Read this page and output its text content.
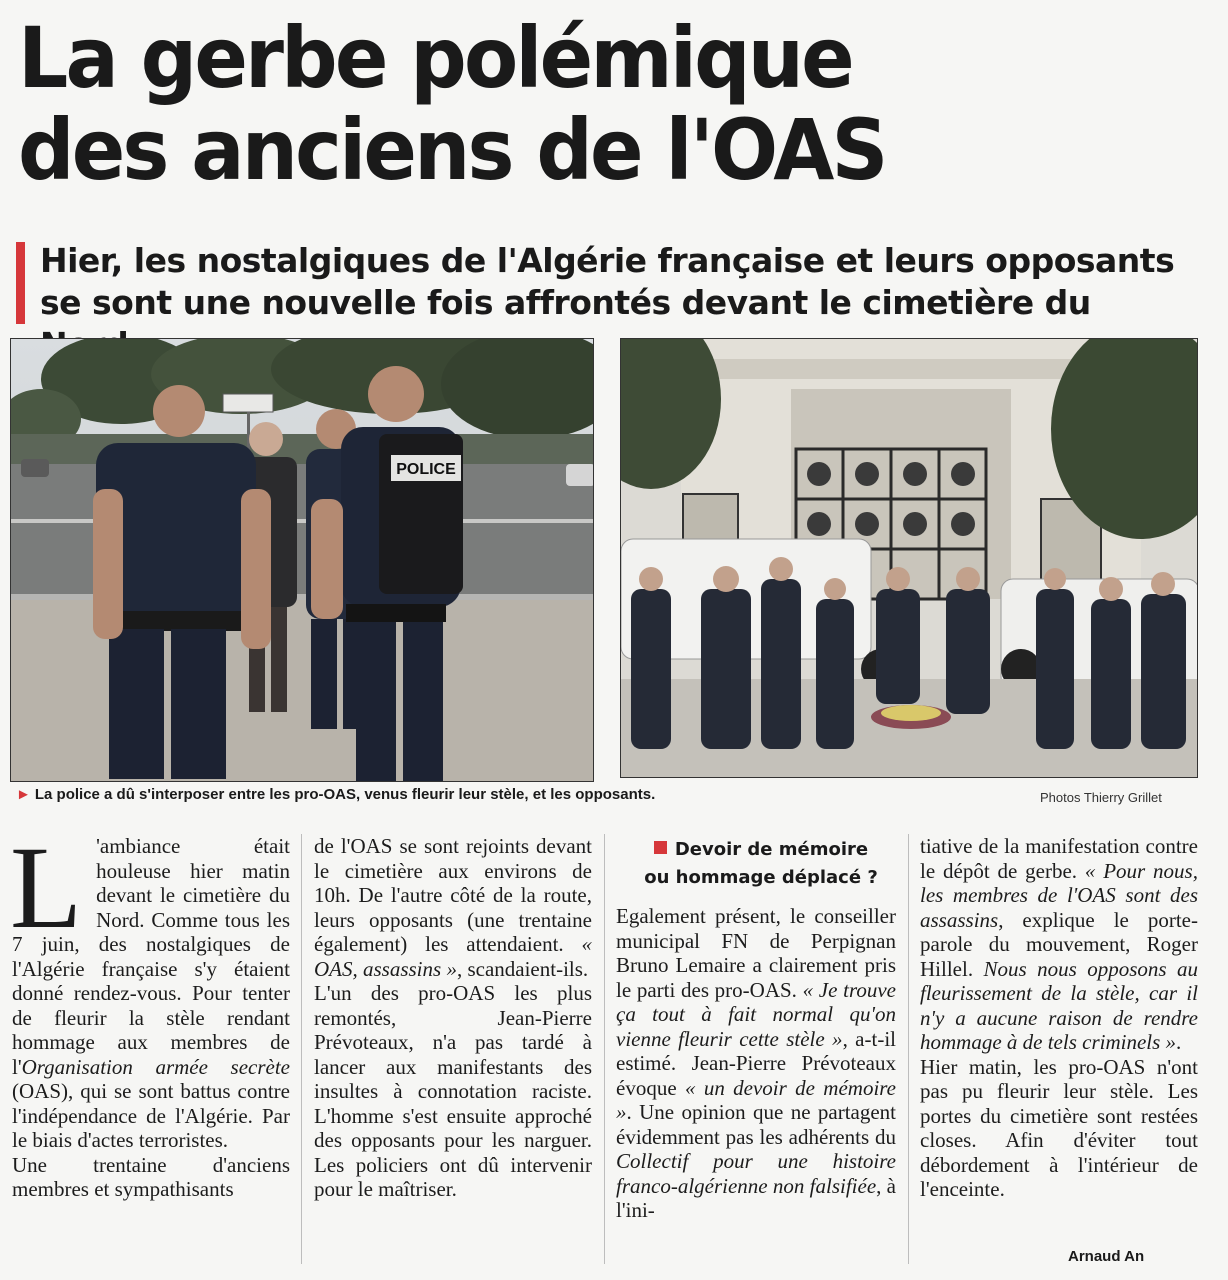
La gerbe polémique
des anciens de l'OAS
Hier, les nostalgiques de l'Algérie française et leurs opposants se sont une nouvelle fois affrontés devant le cimetière du
POLICE
► La police a dû s'interposer entre les pro-OAS, venus fleurir leur stèle, et les opposants.	Photos Thierry Grillet

L 'ambiance était houleuse hier matin devant le cimetière du Nord. Comme tous les 7 juin, des nostalgiques de l'Algérie française s'y étaient donné rendez-vous. Pour tenter de fleurir la stèle rendant hommage aux membres de l'Organisation armée secrète (OAS), qui se sont battus contre l'indépendance de l'Algérie. Par le biais d'actes terroristes.

Une trentaine d'anciens membres et sympathisants

de l'OAS se sont rejoints devant le cimetière aux environs de 10h. De l'autre côté de la route, leurs opposants (une trentaine également) les attendaient. « OAS, assassins », scandaient-ils.

L'un des pro-OAS les plus remontés, Jean-Pierre Prévoteaux, n'a pas tardé à lancer aux manifestants des insultes à connotation raciste. L'homme s'est ensuite approché des opposants pour les narguer. Les policiers ont dû intervenir pour le maîtriser.

Devoir de mémoire
ou hommage déplacé ?

Egalement présent, le conseiller municipal FN de Perpignan Bruno Lemaire a clairement pris le parti des pro-OAS. « Je trouve ça tout à fait normal qu'on vienne fleurir cette stèle », a-t-il estimé. Jean-Pierre Prévoteaux évoque « un devoir de mémoire ». Une opinion que ne partagent évidemment pas les adhérents du Collectif pour une histoire franco-algérienne non falsifiée, à l'ini-

tiative de la manifestation contre le dépôt de gerbe. « Pour nous, les membres de l'OAS sont des assassins, explique le porte-parole du mouvement, Roger Hillel. Nous nous opposons au fleurissement de la stèle, car il n'y a aucune raison de rendre hommage à de tels criminels ».

Hier matin, les pro-OAS n'ont pas pu fleurir leur stèle. Les portes du cimetière sont restées closes. Afin d'éviter tout débordement à l'intérieur de l'enceinte.

Arnaud An
